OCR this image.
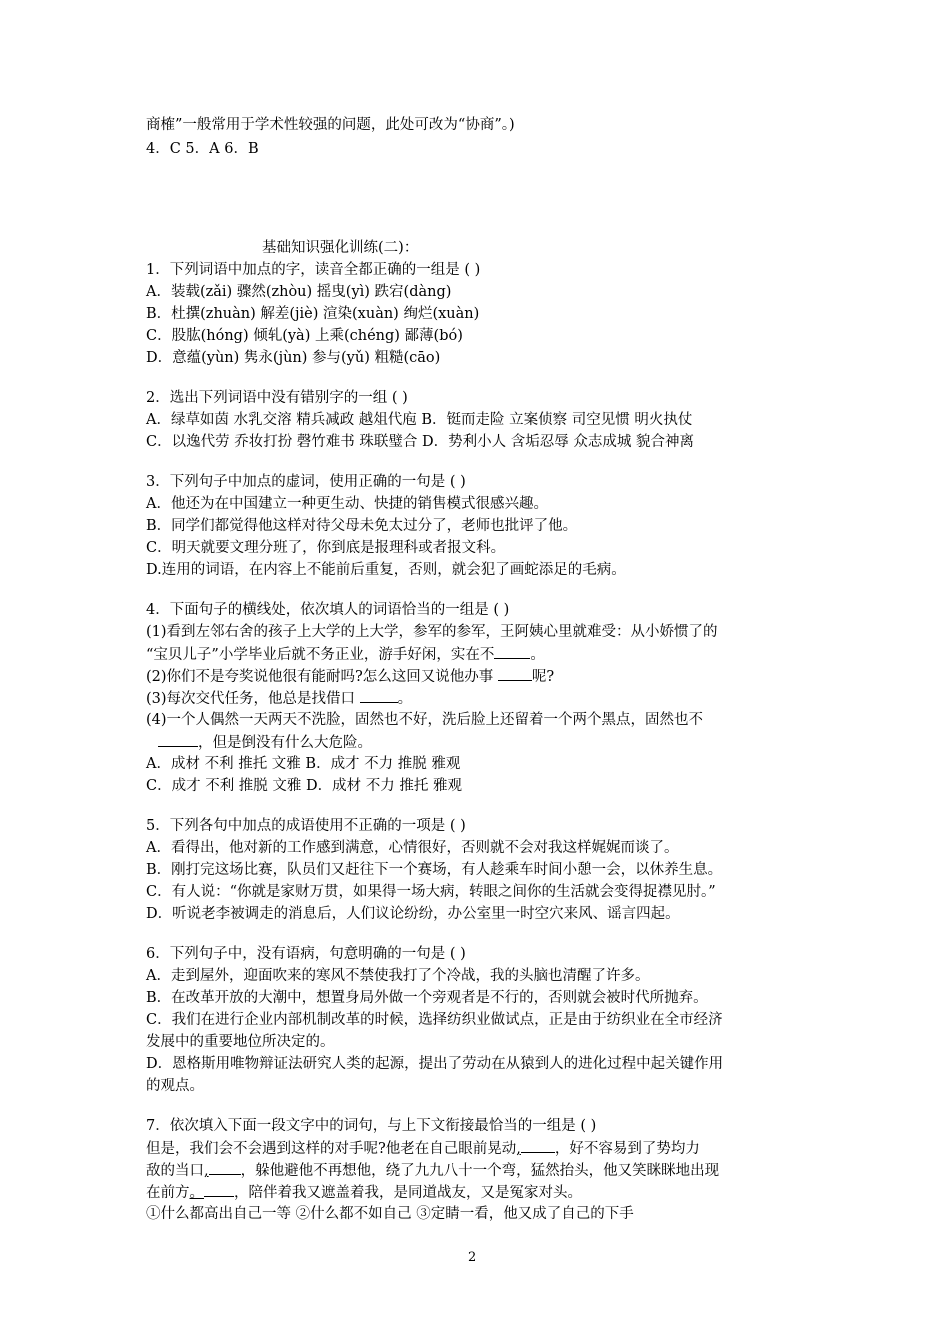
商榷”一般常用于学术性较强的问题，此处可改为“协商”。)
4．C 5．A 6．B
基础知识强化训练(二)：
1．下列词语中加点的字，读音全都正确的一组是 ( )
A．装载(zǎi) 骤然(zhòu) 摇曳(yì) 跌宕(dàng)
B．杜撰(zhuàn) 解差(jiè) 渲染(xuàn) 绚烂(xuàn)
C．股肱(hóng) 倾轧(yà) 上乘(chéng) 鄙薄(bó)
D．意蕴(yùn) 隽永(jùn) 参与(yǔ) 粗糙(cāo)
2．选出下列词语中没有错别字的一组 ( )
A．绿草如茵 水乳交溶 精兵减政 越俎代庖 B．铤而走险 立案侦察 司空见惯 明火执仗
C．以逸代劳 乔妆打扮 磬竹难书 珠联璧合 D．势利小人 含垢忍辱 众志成城 貌合神离
3．下列句子中加点的虚词，使用正确的一句是 ( )
A．他还为在中国建立一种更生动、快捷的销售模式很感兴趣。
B．同学们都觉得他这样对待父母未免太过分了，老师也批评了他。
C．明天就要文理分班了，你到底是报理科或者报文科。
D.连用的词语，在内容上不能前后重复，否则，就会犯了画蛇添足的毛病。
4．下面句子的横线处，依次填人的词语恰当的一组是 ( )
(1)看到左邻右舍的孩子上大学的上大学，参军的参军，王阿姨心里就难受：从小娇惯了的
“宝贝儿子”小学毕业后就不务正业，游手好闲，实在不 。
(2)你们不是夸奖说他很有能耐吗?怎么这回又说他办事 呢?
(3)每次交代任务，他总是找借口	。
(4)一个人偶然一天两天不洗脸，固然也不好，洗后脸上还留着一个两个黑点，固然也不
，但是倒没有什么大危险。
A．成材 不利 推托 文雅 B．成才 不力 推脱 雅观
C．成才 不利 推脱 文雅 D．成材 不力 推托 雅观
5．下列各句中加点的成语使用不正确的一项是 ( )
A．看得出，他对新的工作感到满意，心情很好，否则就不会对我这样娓娓而谈了。
B．刚打完这场比赛，队员们又赶往下一个赛场，有人趁乘车时间小憩一会，以休养生息。
C．有人说：“你就是家财万贯，如果得一场大病，转眼之间你的生活就会变得捉襟见肘。”
D．听说老李被调走的消息后，人们议论纷纷，办公室里一时空穴来风、谣言四起。
6．下列句子中，没有语病，句意明确的一句是 ( )
A．走到屋外，迎面吹来的寒风不禁使我打了个冷战，我的头脑也清醒了许多。
B．在改革开放的大潮中，想置身局外做一个旁观者是不行的，否则就会被时代所抛弃。
C．我们在进行企业内部机制改革的时候，选择纺织业做试点，正是由于纺织业在全市经济
发展中的重要地位所决定的。
D．恩格斯用唯物辩证法研究人类的起源，提出了劳动在从猿到人的进化过程中起关键作用
的观点。
7．依次填入下面一段文字中的词句，与上下文衔接最恰当的一组是 ( )
但是，我们会不会遇到这样的对手呢?他老在自己眼前晃动, ，好不容易到了势均力
敌的当口, ，躲他避他不再想他，绕了九九八十一个弯，猛然抬头，他又笑眯眯地出现
在前方。 ，陪伴着我又遮盖着我，是同道战友，又是冤家对头。
①什么都高出自己一等 ②什么都不如自己 ③定睛一看，他又成了自己的下手
2
